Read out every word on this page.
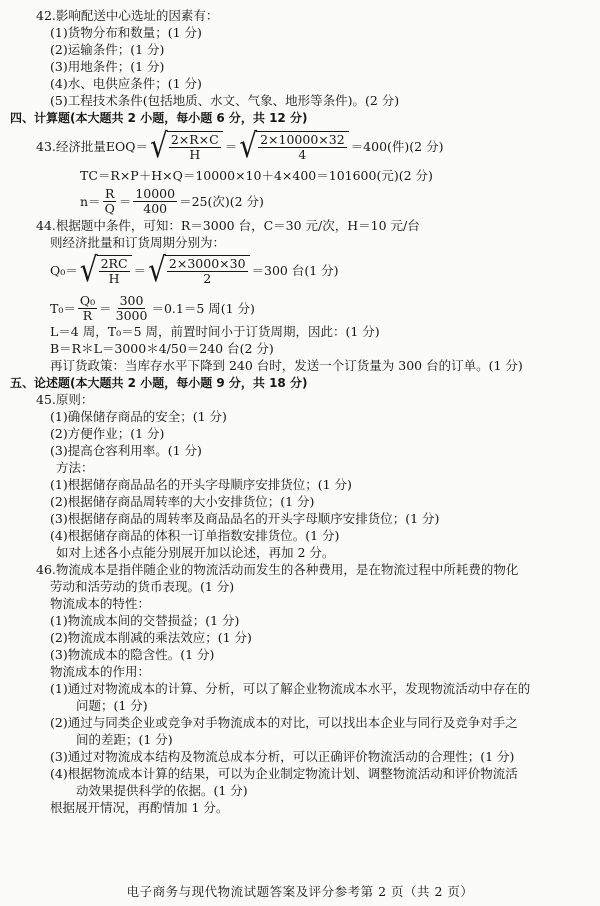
42.影响配送中心选址的因素有：
(1)货物分布和数量；(1 分)
(2)运输条件；(1 分)
(3)用地条件；(1 分)
(4)水、电供应条件；(1 分)
(5)工程技术条件(包括地质、水文、气象、地形等条件)。(2 分)
四、计算题(本大题共 2 小题，每小题 6 分，共 12 分)
43.经济批量EOQ＝ √ $\frac{2\times R\times C}{H}$ ＝ √ $\frac{2\times 10000\times 32}{4} =400$(件)(2 分)
TC＝R×P＋H×Q＝10000×10＋4×400＝101600(元)(2 分)
$n= \frac{R}{Q} = \frac{10000}{400} =25$(次)(2 分)
44.根据题中条件，可知：R＝3000 台，C＝30 元/次，H＝10 元/台
则经济批量和订货周期分别为：
Q₀＝ √ $\frac{2RC}{H}$ ＝ √ $\frac{2\times 3000\times 30}{2} =300$ 台(1 分)
$T_0= \frac{\text{Q₀}}{R} = \frac{300}{3000} =0.1=5$ 周(1 分)
L＝4 周，T₀＝5 周，前置时间小于订货周期，因此：(1 分)
B＝R＊L＝3000＊4/50＝240 台(2 分)
再订货政策：当库存水平下降到 240 台时，发送一个订货量为 300 台的订单。(1 分)
五、论述题(本大题共 2 小题，每小题 9 分，共 18 分)
45.原则：
(1)确保储存商品的安全；(1 分)
(2)方便作业；(1 分)
(3)提高仓容利用率。(1 分)
方法：
(1)根据储存商品品名的开头字母顺序安排货位；(1 分)
(2)根据储存商品周转率的大小安排货位；(1 分)
(3)根据储存商品的周转率及商品品名的开头字母顺序安排货位；(1 分)
(4)根据储存商品的体积一订单指数安排货位。(1 分)
如对上述各小点能分别展开加以论述，再加 2 分。
46.物流成本是指伴随企业的物流活动而发生的各种费用，是在物流过程中所耗费的物化
劳动和活劳动的货币表现。(1 分)
物流成本的特性：
(1)物流成本间的交替损益；(1 分)
(2)物流成本削减的乘法效应；(1 分)
(3)物流成本的隐含性。(1 分)
物流成本的作用：
(1)通过对物流成本的计算、分析，可以了解企业物流成本水平，发现物流活动中存在的
问题；(1 分)
(2)通过与同类企业或竞争对手物流成本的对比，可以找出本企业与同行及竞争对手之
间的差距；(1 分)
(3)通过对物流成本结构及物流总成本分析，可以正确评价物流活动的合理性；(1 分)
(4)根据物流成本计算的结果，可以为企业制定物流计划、调整物流活动和评价物流活
动效果提供科学的依据。(1 分)
根据展开情况，再酌情加 1 分。
电子商务与现代物流试题答案及评分参考第 2 页（共 2 页）
